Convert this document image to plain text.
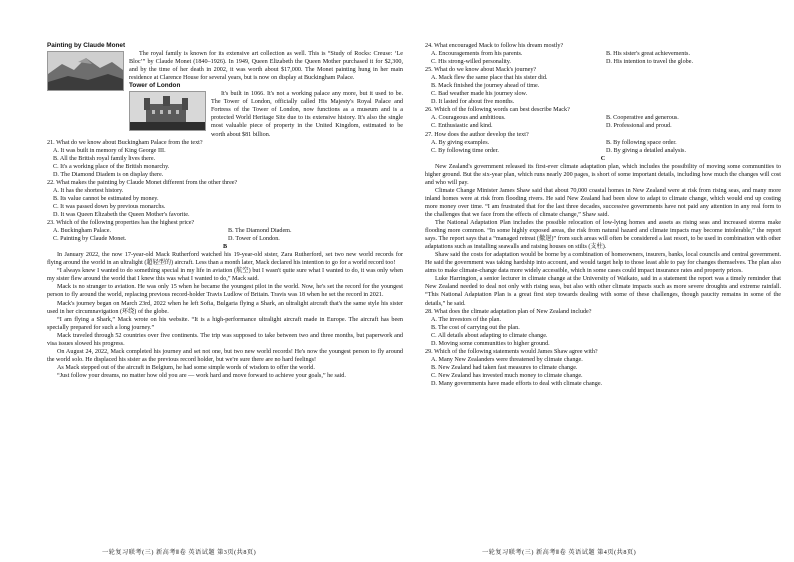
Painting by Claude Monet

The royal family is known for its extensive art collection as well. This is “Study of Rocks: Creuse: ‘Le Bloc’” by Claude Monet (1840–1926). In 1949, Queen Elizabeth the Queen Mother purchased it for $2,300, and by the time of her death in 2002, it was worth about $17,000. The Monet painting hung in her main residence at Clarence House for several years, but is now on display at Buckingham Palace.

Tower of London

It's built in 1066. It's not a working palace any more, but it used to be. The Tower of London, officially called His Majesty's Royal Palace and Fortress of the Tower of London, now functions as a museum and is a protected World Heritage Site due to its extensive history. It's also the single most valuable piece of property in the United Kingdom, estimated to be worth about $81 billion.

21. What do we know about Buckingham Palace from the text?

A. It was built in memory of King George III.

B. All the British royal family lives there.

C. It's a working place of the British monarchy.

D. The Diamond Diadem is on display there.

22. What makes the painting by Claude Monet different from the other three?

A. It has the shortest history.

B. Its value cannot be estimated by money.

C. It was passed down by previous monarchs.

D. It was Queen Elizabeth the Queen Mother's favorite.

23. Which of the following properties has the highest price?

A. Buckingham Palace.	B. The Diamond Diadem.
C. Painting by Claude Monet.	D. Tower of London.

B

In January 2022, the now 17-year-old Mack Rutherford watched his 19-year-old sister, Zara Rutherford, set two new world records for flying around the world in an ultralight (超轻型的) aircraft. Less than a month later, Mack declared his intention to go for a world record too!

“I always knew I wanted to do something special in my life in aviation (航空) but I wasn't quite sure what I wanted to do, it was only when my sister flew around the world that I knew this was what I wanted to do,” Mack said.

Mack is no stranger to aviation. He was only 15 when he became the youngest pilot in the world. Now, he's set the record for the youngest person to fly around the world, replacing previous record-holder Travis Ludlow of Britain. Travis was 18 when he set the record in 2021.

Mack's journey began on March 23rd, 2022 when he left Sofia, Bulgaria flying a Shark, an ultralight aircraft that's the same style his sister used in her circumnavigation (环绕) of the globe.

“I am flying a Shark,” Mack wrote on his website. “It is a high-performance ultralight aircraft made in Europe. The aircraft has been specially prepared for such a long journey.”

Mack traveled through 52 countries over five continents. The trip was supposed to take between two and three months, but paperwork and visa issues slowed his progress.

On August 24, 2022, Mack completed his journey and set not one, but two new world records! He's now the youngest person to fly around the world solo. He displaced his sister as the previous record holder, but we're sure there are no hard feelings!

As Mack stepped out of the aircraft in Belgium, he had some simple words of wisdom to offer the world.

“Just follow your dreams, no matter how old you are — work hard and move forward to achieve your goals,” he said.

一轮复习联考(三) 新高考Ⅱ卷 英语试题 第3页(共8页)

24. What encouraged Mack to follow his dream mostly?

A. Encouragements from his parents.	B. His sister's great achievements.
C. His strong-willed personality.	D. His intention to travel the globe.

25. What do we know about Mack's journey?

A. Mack flew the same place that his sister did.

B. Mack finished the journey ahead of time.

C. Bad weather made his journey slow.

D. It lasted for about five months.

26. Which of the following words can best describe Mack?

A. Courageous and ambitious.	B. Cooperative and generous.
C. Enthusiastic and kind.	D. Professional and proud.

27. How does the author develop the text?

A. By giving examples.	B. By following space order.
C. By following time order.	D. By giving a detailed analysis.

C

New Zealand's government released its first-ever climate adaptation plan, which includes the possibility of moving some communities to higher ground. But the six-year plan, which runs nearly 200 pages, is short of some important details, including how much the changes will cost and who will pay.

Climate Change Minister James Shaw said that about 70,000 coastal homes in New Zealand were at risk from rising seas, and many more inland homes were at risk from flooding rivers. He said New Zealand had been slow to adapt to climate change, which would end up costing more money over time. “I am frustrated that for the last three decades, successive governments have not paid any attention in any real form to the challenges that we face from the effects of climate change,” Shaw said.

The National Adaptation Plan includes the possible relocation of low-lying homes and assets as rising seas and increased storms make flooding more common. “In some highly exposed areas, the risk from natural hazard and climate impacts may become intolerable,” the report says. The report says that a “managed retreat (撤退)” from such areas will often be considered a last resort, to be used in combination with other adaptations such as installing seawalls and raising houses on stilts (支柱).

Shaw said the costs for adaptation would be borne by a combination of homeowners, insurers, banks, local councils and central government. He said the government was taking hardship into account, and would target help to those least able to pay for changes themselves. The plan also aims to make climate-change data more widely accessible, which in some cases could impact insurance rates and property prices.

Luke Harrington, a senior lecturer in climate change at the University of Waikato, said in a statement the report was a timely reminder that New Zealand needed to deal not only with rising seas, but also with other climate impacts such as more severe droughts and extreme rainfall. “This National Adaptation Plan is a great first step towards dealing with some of these challenges, though paucity remains in some of the details,” he said.

28. What does the climate adaptation plan of New Zealand include?

A. The investors of the plan.

B. The cost of carrying out the plan.

C. All details about adapting to climate change.

D. Moving some communities to higher ground.

29. Which of the following statements would James Shaw agree with?

A. Many New Zealanders were threatened by climate change.

B. New Zealand had taken fast measures to climate change.

C. New Zealand has invested much money to climate change.

D. Many governments have made efforts to deal with climate change.

一轮复习联考(三) 新高考Ⅱ卷 英语试题 第4页(共8页)
